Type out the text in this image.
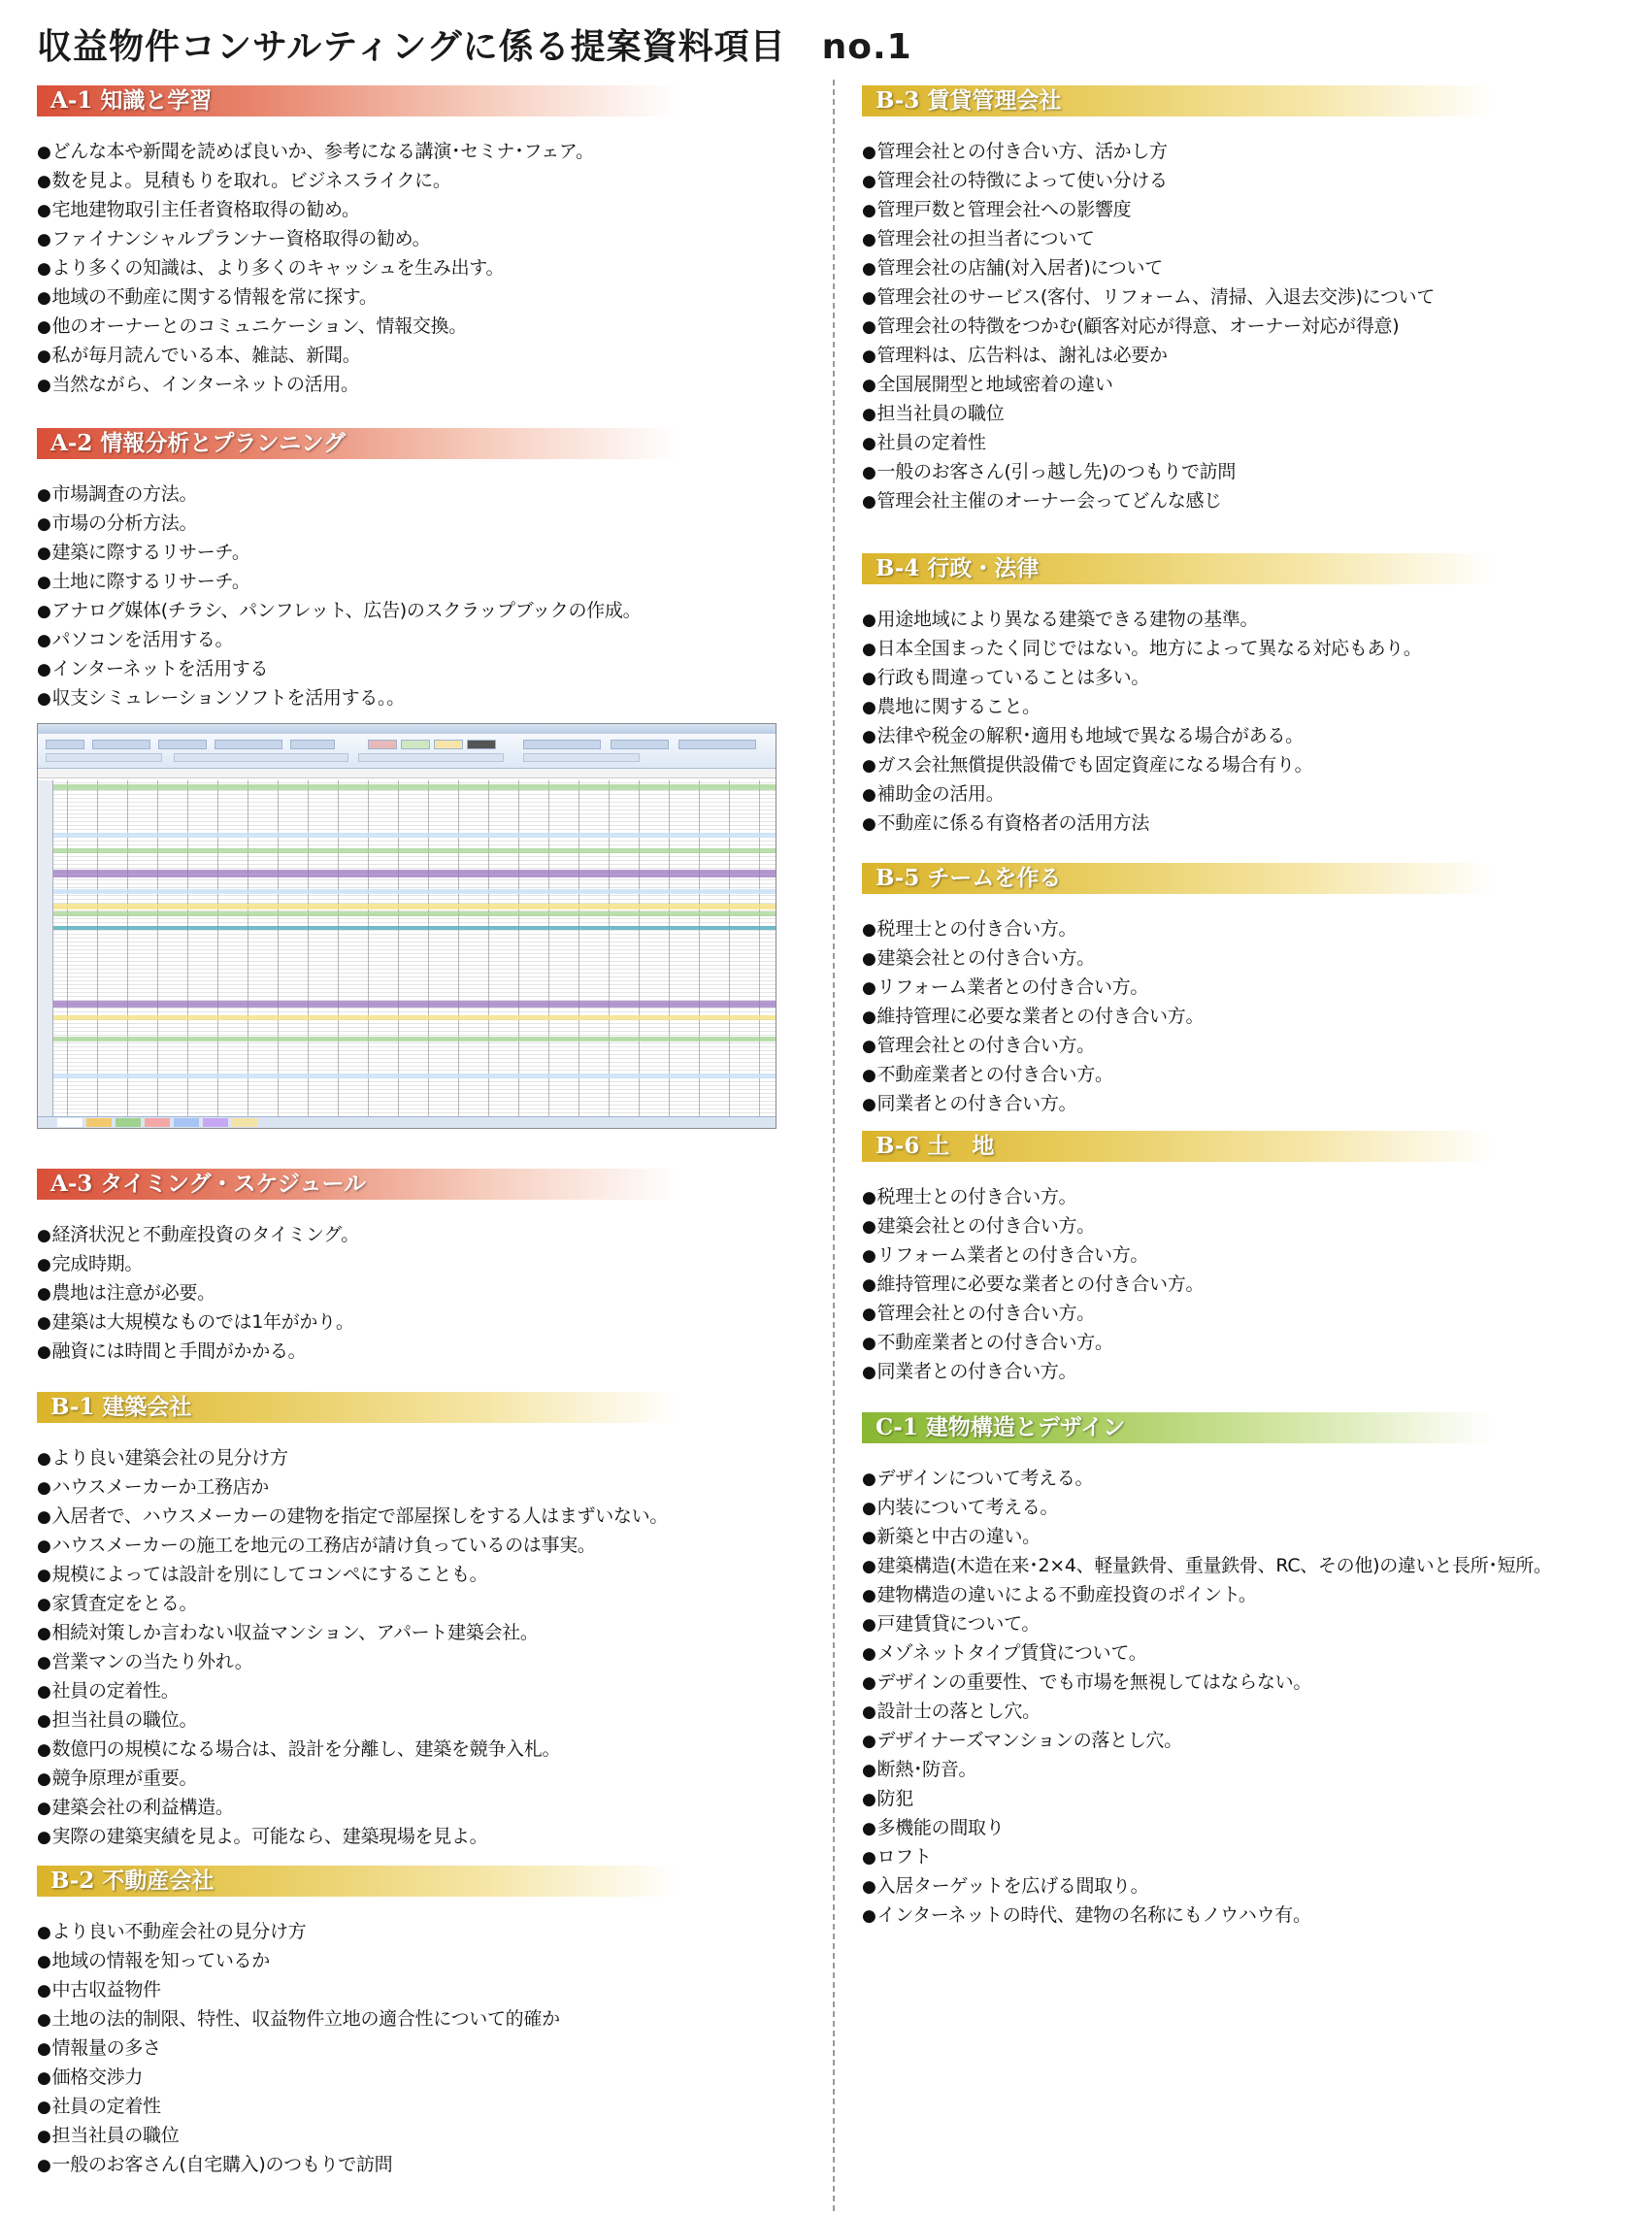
収益物件コンサルティングに係る提案資料項目　no.1
A-1 知識と学習
● どんな本や新聞を読めば良いか、参考になる講演･セミナ･フェア。
● 数を見よ。見積もりを取れ。ビジネスライクに。
● 宅地建物取引主任者資格取得の勧め。
● ファイナンシャルプランナー資格取得の勧め。
● より多くの知識は、より多くのキャッシュを生み出す。
● 地域の不動産に関する情報を常に探す。
● 他のオーナーとのコミュニケーション、情報交換。
● 私が毎月読んでいる本、雑誌、新聞。
● 当然ながら、インターネットの活用。
A-2 情報分析とプランニング
● 市場調査の方法。
● 市場の分析方法。
● 建築に際するリサーチ。
● 土地に際するリサーチ。
● アナログ媒体(チラシ、パンフレット、広告)のスクラップブックの作成。
● パソコンを活用する。
● インターネットを活用する
● 収支シミュレーションソフトを活用する。。
A-3 タイミング・スケジュール
● 経済状況と不動産投資のタイミング。
● 完成時期。
● 農地は注意が必要。
● 建築は大規模なものでは1年がかり。
● 融資には時間と手間がかかる。
B-1 建築会社
● より良い建築会社の見分け方
● ハウスメーカーか工務店か
● 入居者で、ハウスメーカーの建物を指定で部屋探しをする人はまずいない。
● ハウスメーカーの施工を地元の工務店が請け負っているのは事実。
● 規模によっては設計を別にしてコンペにすることも。
● 家賃査定をとる。
● 相続対策しか言わない収益マンション、アパート建築会社。
● 営業マンの当たり外れ。
● 社員の定着性。
● 担当社員の職位。
● 数億円の規模になる場合は、設計を分離し、建築を競争入札。
● 競争原理が重要。
● 建築会社の利益構造。
● 実際の建築実績を見よ。可能なら、建築現場を見よ。
B-2 不動産会社
● より良い不動産会社の見分け方
● 地域の情報を知っているか
● 中古収益物件
● 土地の法的制限、特性、収益物件立地の適合性について的確か
● 情報量の多さ
● 価格交渉力
● 社員の定着性
● 担当社員の職位
● 一般のお客さん(自宅購入)のつもりで訪問
B-3 賃貸管理会社
● 管理会社との付き合い方、活かし方
● 管理会社の特徴によって使い分ける
● 管理戸数と管理会社への影響度
● 管理会社の担当者について
● 管理会社の店舗(対入居者)について
● 管理会社のサービス(客付、リフォーム、清掃、入退去交渉)について
● 管理会社の特徴をつかむ(顧客対応が得意、オーナー対応が得意)
● 管理料は、広告料は、謝礼は必要か
● 全国展開型と地域密着の違い
● 担当社員の職位
● 社員の定着性
● 一般のお客さん(引っ越し先)のつもりで訪問
● 管理会社主催のオーナー会ってどんな感じ
B-4 行政・法律
● 用途地域により異なる建築できる建物の基準。
● 日本全国まったく同じではない。地方によって異なる対応もあり。
● 行政も間違っていることは多い。
● 農地に関すること。
● 法律や税金の解釈･適用も地域で異なる場合がある。
● ガス会社無償提供設備でも固定資産になる場合有り。
● 補助金の活用。
● 不動産に係る有資格者の活用方法
B-5 チームを作る
● 税理士との付き合い方。
● 建築会社との付き合い方。
● リフォーム業者との付き合い方。
● 維持管理に必要な業者との付き合い方。
● 管理会社との付き合い方。
● 不動産業者との付き合い方。
● 同業者との付き合い方。
B-6 土　地
● 税理士との付き合い方。
● 建築会社との付き合い方。
● リフォーム業者との付き合い方。
● 維持管理に必要な業者との付き合い方。
● 管理会社との付き合い方。
● 不動産業者との付き合い方。
● 同業者との付き合い方。
C-1 建物構造とデザイン
● デザインについて考える。
● 内装について考える。
● 新築と中古の違い。
● 建築構造(木造在来･2×4、軽量鉄骨、重量鉄骨、RC、その他)の違いと長所･短所。
● 建物構造の違いによる不動産投資のポイント。
● 戸建賃貸について。
● メゾネットタイプ賃貸について。
● デザインの重要性、でも市場を無視してはならない。
● 設計士の落とし穴。
● デザイナーズマンションの落とし穴。
● 断熱･防音。
● 防犯
● 多機能の間取り
● ロフト
● 入居ターゲットを広げる間取り。
● インターネットの時代、建物の名称にもノウハウ有。
